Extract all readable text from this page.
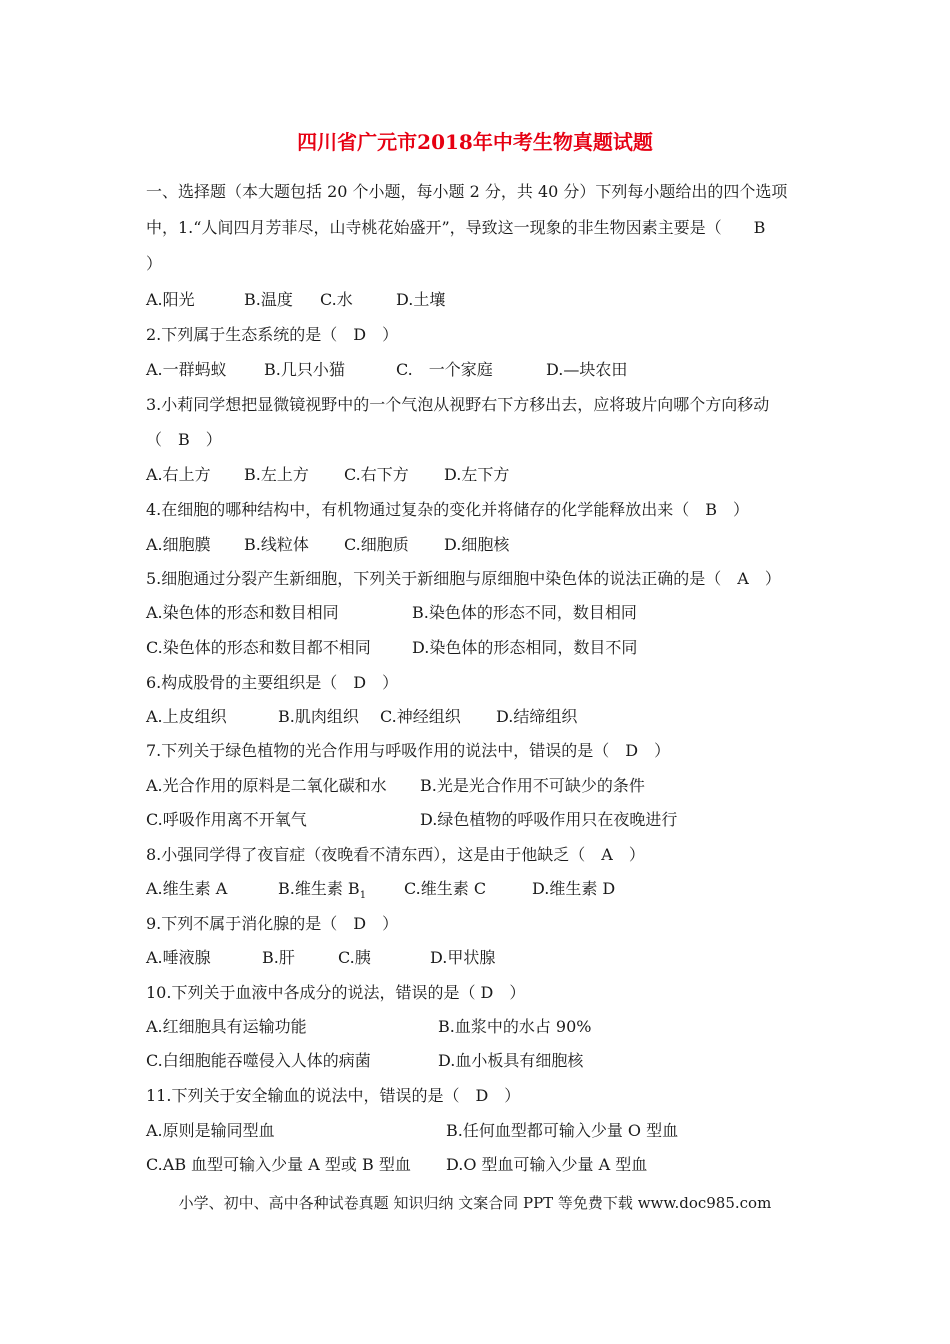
四川省广元市2018年中考生物真题试题
一、选择题（本大题包括 20 个小题，每小题 2 分，共 40 分）下列每小题给出的四个选项
中，1.“人间四月芳菲尽，山寺桃花始盛开”，导致这一现象的非生物因素主要是（　　B
）
A.阳光	B.温度 C.水	D.土壤
2.下列属于生态系统的是（　D　）
A.一群蚂蚁 B.几只小猫	C.　一个家庭	D.—块农田
3.小莉同学想把显微镜视野中的一个气泡从视野右下方移出去，应将玻片向哪个方向移动
（　B　）
A.右上方 B.左上方 C.右下方 D.左下方
4.在细胞的哪种结构中，有机物通过复杂的变化并将储存的化学能释放出来（　B　）
A.细胞膜 B.线粒体 C.细胞质 D.细胞核
5.细胞通过分裂产生新细胞，下列关于新细胞与原细胞中染色体的说法正确的是（　A　）
A.染色体的形态和数目相同	B.染色体的形态不同，数目相同
C.染色体的形态和数目都不相同	D.染色体的形态相同，数目不同
6.构成股骨的主要组织是（　D　）
A.上皮组织	B.肌肉组织 C.神经组织 D.结缔组织
7.下列关于绿色植物的光合作用与呼吸作用的说法中，错误的是（　D　）
A.光合作用的原料是二氧化碳和水 B.光是光合作用不可缺少的条件
C.呼吸作用离不开氧气	D.绿色植物的呼吸作用只在夜晚进行
8.小强同学得了夜盲症（夜晚看不清东西），这是由于他缺乏（　A　）
A.维生素 A	B.维生素 $B_1$ C.维生素 C	D.维生素 D
9.下列不属于消化腺的是（　D　）
A.唾液腺	B.肝	C.胰	D.甲状腺
10.下列关于血液中各成分的说法，错误的是（ D　）
A.红细胞具有运输功能	B.血浆中的水占 90%
C.白细胞能吞噬侵入人体的病菌	D.血小板具有细胞核
11.下列关于安全输血的说法中，错误的是（　D　）
A.原则是输同型血	B.任何血型都可输入少量 O 型血
C.AB 血型可输入少量 A 型或 B 型血 D.O 型血可输入少量 A 型血
小学、初中、高中各种试卷真题 知识归纳 文案合同 PPT 等免费下载 www.doc985.com
